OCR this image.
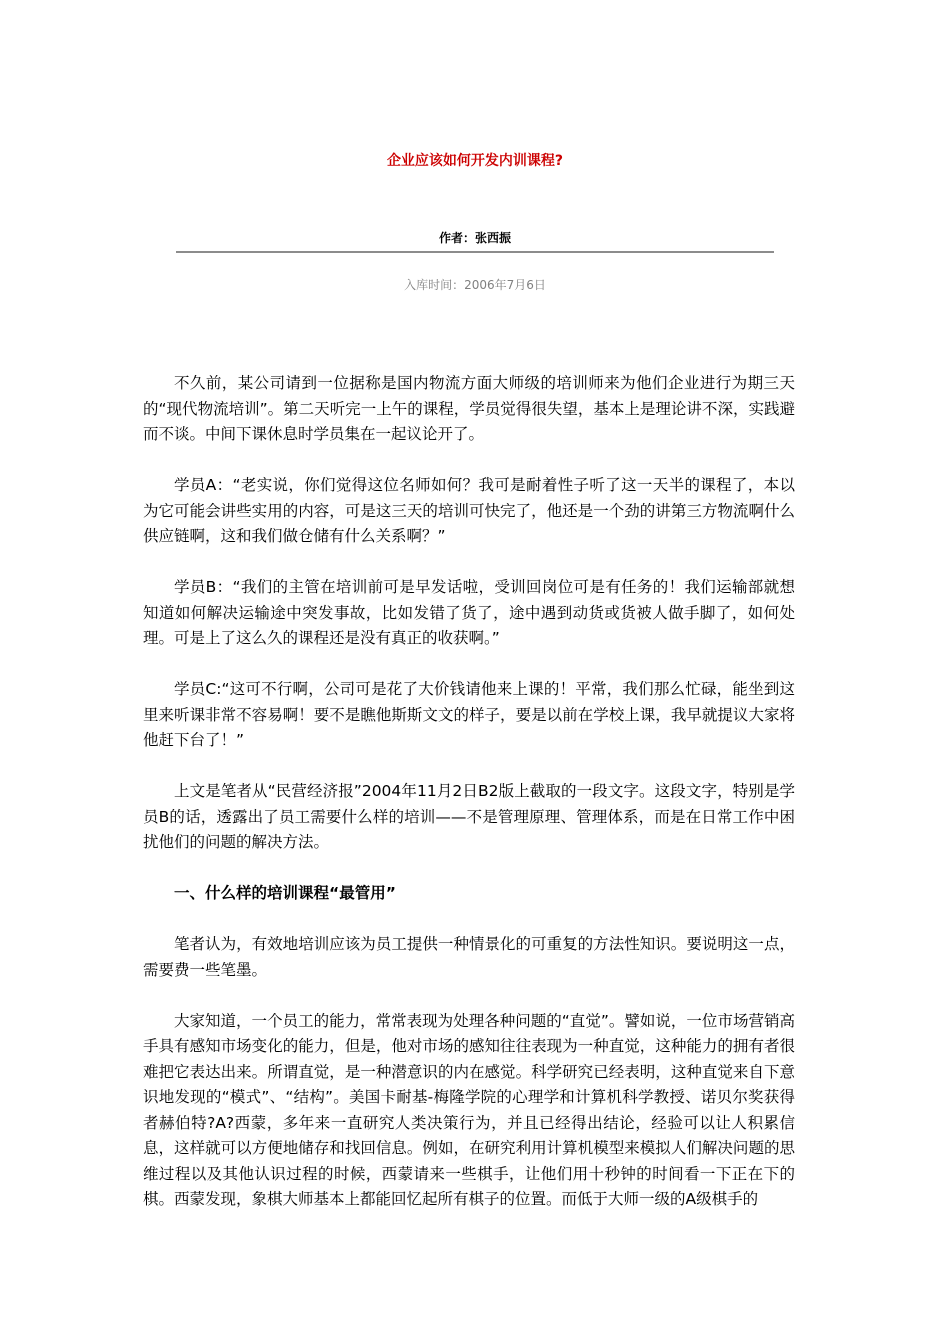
企业应该如何开发内训课程?
作者：张西振
入库时间：2006年7月6日

不久前，某公司请到一位据称是国内物流方面大师级的培训师来为他们企业进行为期三天的“现代物流培训”。第二天听完一上午的课程，学员觉得很失望，基本上是理论讲不深，实践避而不谈。中间下课休息时学员集在一起议论开了。

学员A：“老实说，你们觉得这位名师如何？我可是耐着性子听了这一天半的课程了，本以为它可能会讲些实用的内容，可是这三天的培训可快完了，他还是一个劲的讲第三方物流啊什么供应链啊，这和我们做仓储有什么关系啊？”

学员B：“我们的主管在培训前可是早发话啦，受训回岗位可是有任务的！我们运输部就想知道如何解决运输途中突发事故，比如发错了货了，途中遇到动货或货被人做手脚了，如何处理。可是上了这么久的课程还是没有真正的收获啊。”

学员C:“这可不行啊，公司可是花了大价钱请他来上课的！平常，我们那么忙碌，能坐到这里来听课非常不容易啊！要不是瞧他斯斯文文的样子，要是以前在学校上课，我早就提议大家将他赶下台了！”

上文是笔者从“民营经济报”2004年11月2日B2版上截取的一段文字。这段文字，特别是学员B的话，透露出了员工需要什么样的培训——不是管理原理、管理体系，而是在日常工作中困扰他们的问题的解决方法。

一、什么样的培训课程“最管用”

笔者认为，有效地培训应该为员工提供一种情景化的可重复的方法性知识。要说明这一点，需要费一些笔墨。

大家知道，一个员工的能力，常常表现为处理各种问题的“直觉”。譬如说，一位市场营销高手具有感知市场变化的能力，但是，他对市场的感知往往表现为一种直觉，这种能力的拥有者很难把它表达出来。所谓直觉，是一种潜意识的内在感觉。科学研究已经表明，这种直觉来自下意识地发现的“模式”、“结构”。美国卡耐基-梅隆学院的心理学和计算机科学教授、诺贝尔奖获得者赫伯特?A?西蒙，多年来一直研究人类决策行为，并且已经得出结论，经验可以让人积累信息，这样就可以方便地储存和找回信息。例如，在研究利用计算机模型来模拟人们解决问题的思维过程以及其他认识过程的时候，西蒙请来一些棋手，让他们用十秒钟的时间看一下正在下的棋。西蒙发现，象棋大师基本上都能回忆起所有棋子的位置。而低于大师一级的A级棋手的
